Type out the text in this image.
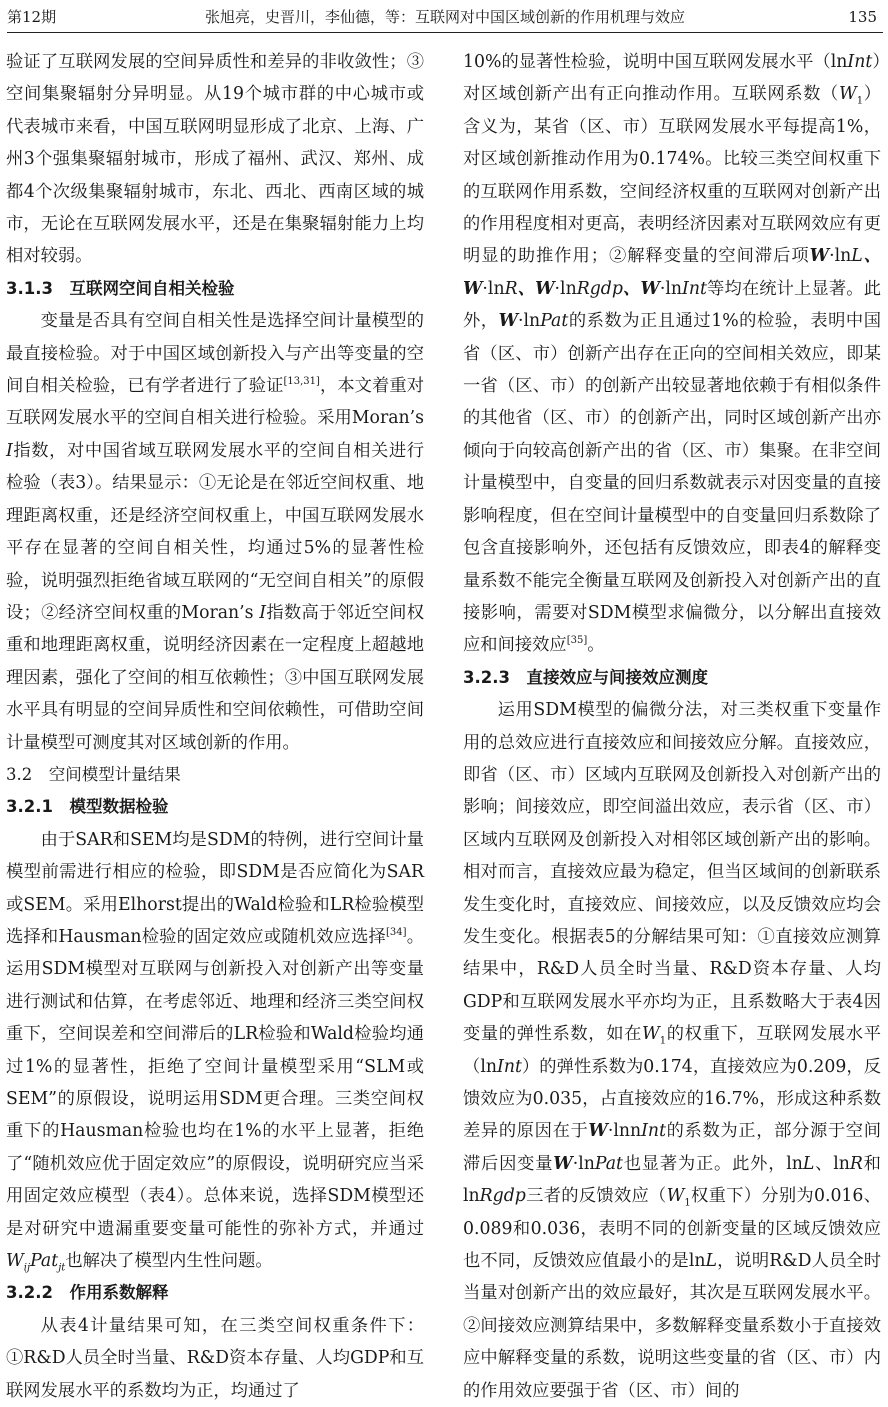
第12期	张旭亮，史晋川，李仙德，等：互联网对中国区域创新的作用机理与效应	135

验证了互联网发展的空间异质性和差异的非收敛性；③空间集聚辐射分异明显。从19个城市群的中心城市或代表城市来看，中国互联网明显形成了北京、上海、广州3个强集聚辐射城市，形成了福州、武汉、郑州、成都4个次级集聚辐射城市，东北、西北、西南区域的城市，无论在互联网发展水平，还是在集聚辐射能力上均相对较弱。

3.1.3　互联网空间自相关检验

变量是否具有空间自相关性是选择空间计量模型的最直接检验。对于中国区域创新投入与产出等变量的空间自相关检验，已有学者进行了验证[13,31]，本文着重对互联网发展水平的空间自相关进行检验。采用Moran’s I指数，对中国省域互联网发展水平的空间自相关进行检验（表3）。结果显示：①无论是在邻近空间权重、地理距离权重，还是经济空间权重上，中国互联网发展水平存在显著的空间自相关性，均通过5%的显著性检验，说明强烈拒绝省域互联网的“无空间自相关”的原假设；②经济空间权重的Moran’s I指数高于邻近空间权重和地理距离权重，说明经济因素在一定程度上超越地理因素，强化了空间的相互依赖性；③中国互联网发展水平具有明显的空间异质性和空间依赖性，可借助空间计量模型可测度其对区域创新的作用。

3.2　空间模型计量结果

3.2.1　模型数据检验

由于SAR和SEM均是SDM的特例，进行空间计量模型前需进行相应的检验，即SDM是否应简化为SAR或SEM。采用Elhorst提出的Wald检验和LR检验模型选择和Hausman检验的固定效应或随机效应选择[34]。运用SDM模型对互联网与创新投入对创新产出等变量进行测试和估算，在考虑邻近、地理和经济三类空间权重下，空间误差和空间滞后的LR检验和Wald检验均通过1%的显著性，拒绝了空间计量模型采用“SLM或SEM”的原假设，说明运用SDM更合理。三类空间权重下的Hausman检验也均在1%的水平上显著，拒绝了“随机效应优于固定效应”的原假设，说明研究应当采用固定效应模型（表4）。总体来说，选择SDM模型还是对研究中遗漏重要变量可能性的弥补方式，并通过$W_{ij}Pat_{jt}$也解决了模型内生性问题。

3.2.2　作用系数解释

从表4计量结果可知，在三类空间权重条件下：①R&D人员全时当量、R&D资本存量、人均GDP和互联网发展水平的系数均为正，均通过了

10%的显著性检验，说明中国互联网发展水平（lnInt）对区域创新产出有正向推动作用。互联网系数$(W_1)$含义为，某省（区、市）互联网发展水平每提高1%，对区域创新推动作用为0.174%。比较三类空间权重下的互联网作用系数，空间经济权重的互联网对创新产出的作用程度相对更高，表明经济因素对互联网效应有更明显的助推作用；②解释变量的空间滞后项W·lnL、W·lnR、W·lnRgdp、W·lnInt等均在统计上显著。此外，W·lnPat的系数为正且通过1%的检验，表明中国省（区、市）创新产出存在正向的空间相关效应，即某一省（区、市）的创新产出较显著地依赖于有相似条件的其他省（区、市）的创新产出，同时区域创新产出亦倾向于向较高创新产出的省（区、市）集聚。在非空间计量模型中，自变量的回归系数就表示对因变量的直接影响程度，但在空间计量模型中的自变量回归系数除了包含直接影响外，还包括有反馈效应，即表4的解释变量系数不能完全衡量互联网及创新投入对创新产出的直接影响，需要对SDM模型求偏微分，以分解出直接效应和间接效应[35]。

3.2.3　直接效应与间接效应测度

运用SDM模型的偏微分法，对三类权重下变量作用的总效应进行直接效应和间接效应分解。直接效应，即省（区、市）区域内互联网及创新投入对创新产出的影响；间接效应，即空间溢出效应，表示省（区、市）区域内互联网及创新投入对相邻区域创新产出的影响。相对而言，直接效应最为稳定，但当区域间的创新联系发生变化时，直接效应、间接效应，以及反馈效应均会发生变化。根据表5的分解结果可知：①直接效应测算结果中，R&D人员全时当量、R&D资本存量、人均GDP和互联网发展水平亦均为正，且系数略大于表4因变量的弹性系数，如在$W_1$的权重下，互联网发展水平（lnInt）的弹性系数为0.174，直接效应为0.209，反馈效应为0.035，占直接效应的16.7%，形成这种系数差异的原因在于W·lnnInt的系数为正，部分源于空间滞后因变量W·lnPat也显著为正。此外，lnL、lnR和lnRgdp三者的反馈效应（$W_1$权重下）分别为0.016、0.089和0.036，表明不同的创新变量的区域反馈效应也不同，反馈效应值最小的是lnL，说明R&D人员全时当量对创新产出的效应最好，其次是互联网发展水平。②间接效应测算结果中，多数解释变量系数小于直接效应中解释变量的系数，说明这些变量的省（区、市）内的作用效应要强于省（区、市）间的
